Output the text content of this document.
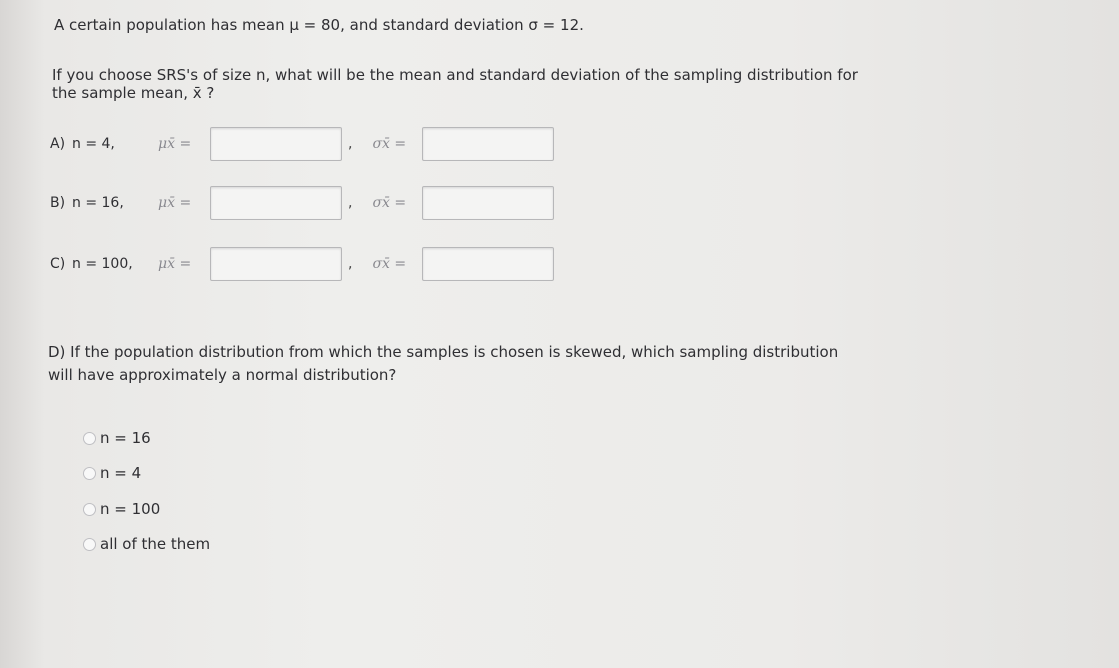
A certain population has mean μ = 80, and standard deviation σ = 12.
If you choose SRS's of size n, what will be the mean and standard deviation of the sampling distribution for
the sample mean, x̄ ?
A) n = 4,	μx̄ =	, σx̄ =
B) n = 16,	μx̄ =	, σx̄ =
C) n = 100,	μx̄ =	, σx̄ =
D) If the population distribution from which the samples is chosen is skewed, which sampling distribution
will have approximately a normal distribution?
n = 16
n = 4
n = 100
all of the them
